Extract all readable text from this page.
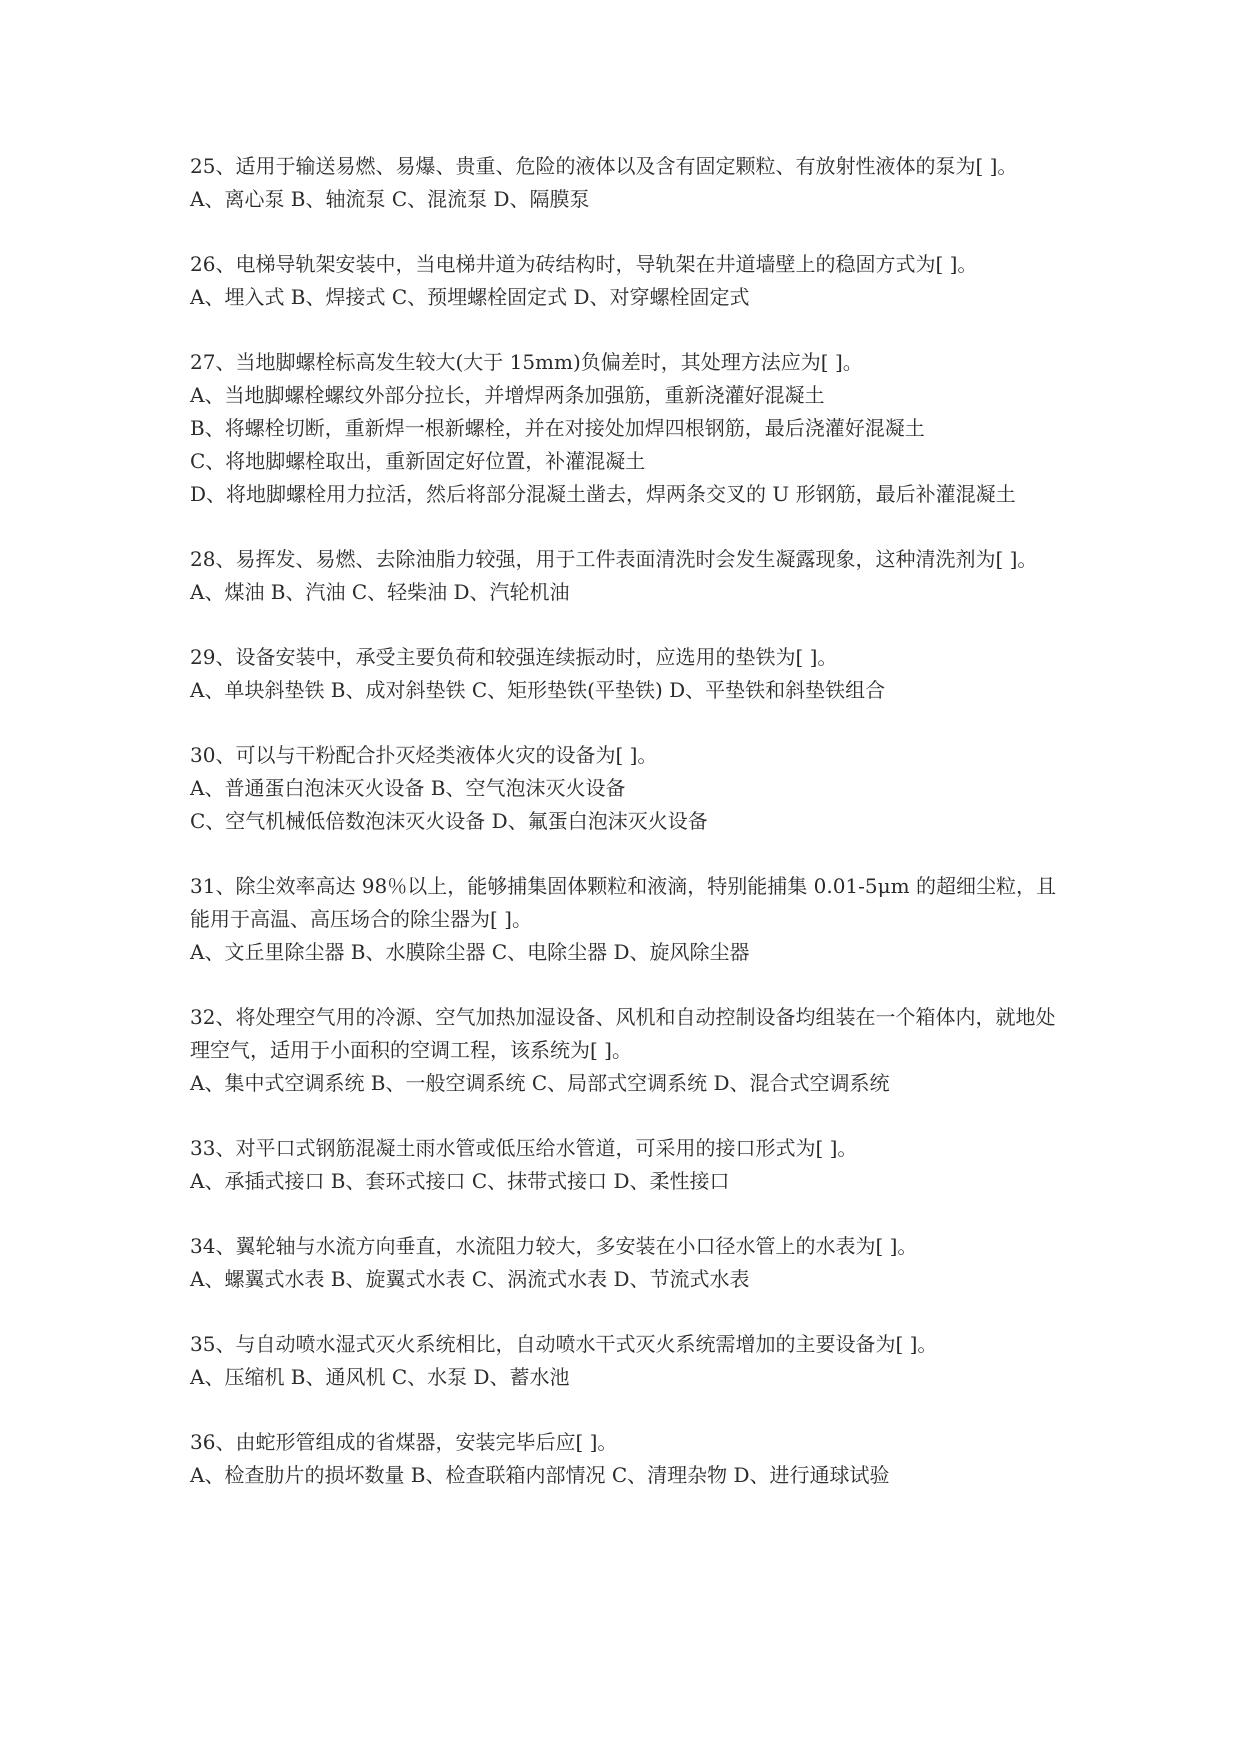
25、适用于输送易燃、易爆、贵重、危险的液体以及含有固定颗粒、有放射性液体的泵为[ ]。
A、离心泵 B、轴流泵 C、混流泵 D、隔膜泵
26、电梯导轨架安装中，当电梯井道为砖结构时，导轨架在井道墙壁上的稳固方式为[ ]。
A、埋入式 B、焊接式 C、预埋螺栓固定式 D、对穿螺栓固定式
27、当地脚螺栓标高发生较大(大于 15mm)负偏差时，其处理方法应为[ ]。
A、当地脚螺栓螺纹外部分拉长，并增焊两条加强筋，重新浇灌好混凝土
B、将螺栓切断，重新焊一根新螺栓，并在对接处加焊四根钢筋，最后浇灌好混凝土
C、将地脚螺栓取出，重新固定好位置，补灌混凝土
D、将地脚螺栓用力拉活，然后将部分混凝土凿去，焊两条交叉的 U 形钢筋，最后补灌混凝土
28、易挥发、易燃、去除油脂力较强，用于工件表面清洗时会发生凝露现象，这种清洗剂为[ ]。
A、煤油 B、汽油 C、轻柴油 D、汽轮机油
29、设备安装中，承受主要负荷和较强连续振动时，应选用的垫铁为[ ]。
A、单块斜垫铁 B、成对斜垫铁 C、矩形垫铁(平垫铁) D、平垫铁和斜垫铁组合
30、可以与干粉配合扑灭烃类液体火灾的设备为[ ]。
A、普通蛋白泡沫灭火设备 B、空气泡沫灭火设备
C、空气机械低倍数泡沫灭火设备 D、氟蛋白泡沫灭火设备
31、除尘效率高达 98％以上，能够捕集固体颗粒和液滴，特别能捕集 0.01-5μm 的超细尘粒，且能用于高温、高压场合的除尘器为[ ]。
A、文丘里除尘器 B、水膜除尘器 C、电除尘器 D、旋风除尘器
32、将处理空气用的冷源、空气加热加湿设备、风机和自动控制设备均组装在一个箱体内，就地处理空气，适用于小面积的空调工程，该系统为[ ]。
A、集中式空调系统 B、一般空调系统 C、局部式空调系统 D、混合式空调系统
33、对平口式钢筋混凝土雨水管或低压给水管道，可采用的接口形式为[ ]。
A、承插式接口 B、套环式接口 C、抹带式接口 D、柔性接口
34、翼轮轴与水流方向垂直，水流阻力较大，多安装在小口径水管上的水表为[ ]。
A、螺翼式水表 B、旋翼式水表 C、涡流式水表 D、节流式水表
35、与自动喷水湿式灭火系统相比，自动喷水干式灭火系统需增加的主要设备为[ ]。
A、压缩机 B、通风机 C、水泵 D、蓄水池
36、由蛇形管组成的省煤器，安装完毕后应[ ]。
A、检查肋片的损坏数量 B、检查联箱内部情况 C、清理杂物 D、进行通球试验
